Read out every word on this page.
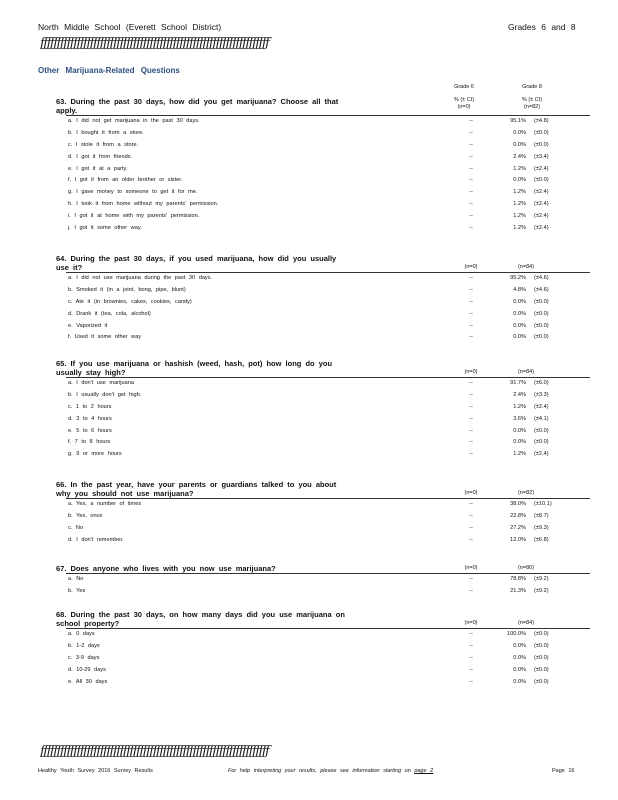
North Middle School (Everett School District)	Grades 6 and 8
ƒƒƒƒƒƒƒƒƒƒƒƒƒƒƒƒƒƒƒƒƒƒƒƒƒƒƒƒƒƒƒƒƒƒƒƒƒƒƒƒƒƒƒƒƒƒƒƒƒƒƒƒƒƒƒƒƒƒƒƒƒƒƒƒƒƒƒƒƒ
Other Marijuana-Related Questions
Grade 6
% (± CI)
(n=0)
Grade 8
% (± CI)
(n=82)
63. During the past 30 days, how did you get marijuana? Choose all that apply.
a. I did not get marijuana in the past 30 days.	--	95.1% (±4.8)
b. I bought it from a store.	--	0.0% (±0.0)
c. I stole it from a store.	--	0.0% (±0.0)
d. I got it from friends.	--	2.4% (±3.4)
e. I got it at a party.	--	1.2% (±2.4)
f. I got it from an older brother or sister.	--	0.0% (±0.0)
g. I gave money to someone to get it for me.	--	1.2% (±2.4)
h. I took it from home without my parents' permission.	--	1.2% (±2.4)
i. I got it at home with my parents' permission.	--	1.2% (±2.4)
j. I got it some other way.	--	1.2% (±2.4)
64. During the past 30 days, if you used marijuana, how did you usually use it?	(n=0)	(n=84)
a. I did not use marijuana during the past 30 days.	--	95.2% (±4.6)
b. Smoked it (in a joint, bong, pipe, blunt)	--	4.8% (±4.6)
c. Ate it (in brownies, cakes, cookies, candy)	--	0.0% (±0.0)
d. Drank it (tea, cola, alcohol)	--	0.0% (±0.0)
e. Vaporized it	--	0.0% (±0.0)
f. Used it some other way	--	0.0% (±0.0)
65. If you use marijuana or hashish (weed, hash, pot) how long do you usually stay high?	(n=0)	(n=84)
a. I don't use marijuana	--	91.7% (±6.0)
b. I usually don't get high.	--	2.4% (±3.3)
c. 1 to 2 hours	--	1.2% (±2.4)
d. 3 to 4 hours	--	3.6% (±4.1)
e. 5 to 6 hours	--	0.0% (±0.0)
f. 7 to 8 hours	--	0.0% (±0.0)
g. 9 or more hours	--	1.2% (±2.4)
66. In the past year, have your parents or guardians talked to you about why you should not use marijuana?	(n=0)	(n=82)
a. Yes, a number of times	--	38.0% (±10.1)
b. Yes, once	--	22.8% (±8.7)
c. No	--	27.2% (±9.3)
d. I don't remember.	--	12.0% (±6.8)
67. Does anyone who lives with you now use marijuana?	(n=0)	(n=80)
a. No	--	78.8% (±9.2)
b. Yes	--	21.3% (±9.2)
68. During the past 30 days, on how many days did you use marijuana on school property?	(n=0)	(n=84)
a. 0 days	--	100.0% (±0.0)
b. 1-2 days	--	0.0% (±0.0)
c. 3-9 days	--	0.0% (±0.0)
d. 10-29 days	--	0.0% (±0.0)
e. All 30 days	--	0.0% (±0.0)
ƒƒƒƒƒƒƒƒƒƒƒƒƒƒƒƒƒƒƒƒƒƒƒƒƒƒƒƒƒƒƒƒƒƒƒƒƒƒƒƒƒƒƒƒƒƒƒƒƒƒƒƒƒƒƒƒƒƒƒƒƒƒƒƒƒƒƒƒƒ
Healthy Youth Survey 2016 Survey Results	For help interpreting your results, please see information starting on page 2	Page 16
